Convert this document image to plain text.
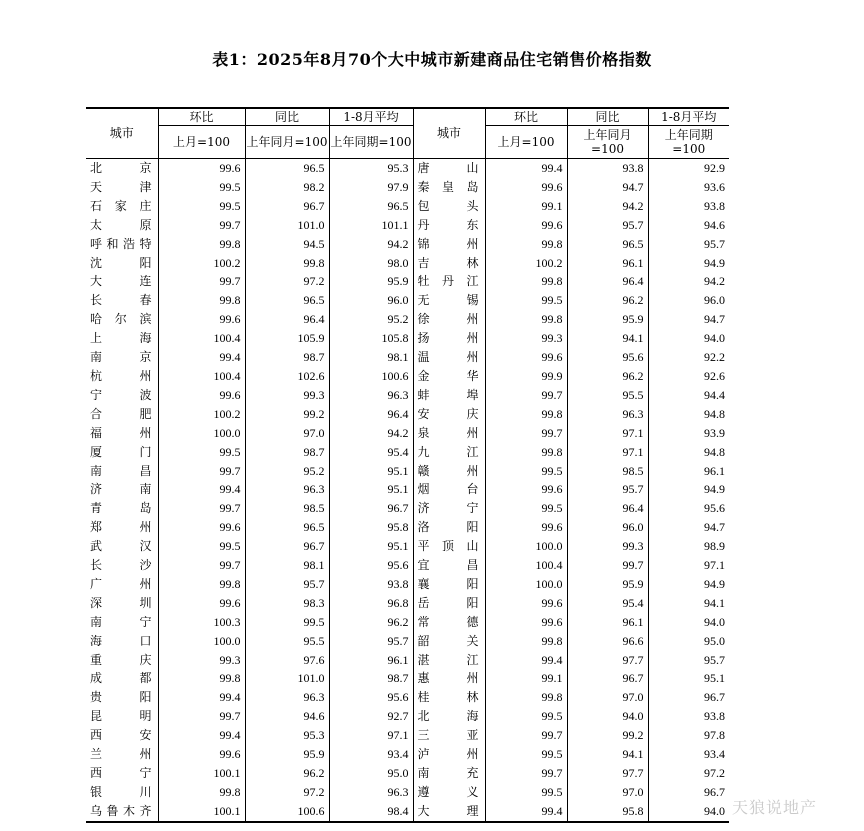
表1：2025年8月70个大中城市新建商品住宅销售价格指数
城市	环比	同比	1-8月平均	城市	环比	同比	1-8月平均
	上月=100	上年同月=100	上年同期=100		上月=100	上年同月=100	上年同期=100
北京	99.6	96.5	95.3	唐山	99.4	93.8	92.9
天津	99.5	98.2	97.9	秦皇岛	99.6	94.7	93.6
石家庄	99.5	96.7	96.5	包头	99.1	94.2	93.8
太原	99.7	101.0	101.1	丹东	99.6	95.7	94.6
呼和浩特	99.8	94.5	94.2	锦州	99.8	96.5	95.7
沈阳	100.2	99.8	98.0	吉林	100.2	96.1	94.9
大连	99.7	97.2	95.9	牡丹江	99.8	96.4	94.2
长春	99.8	96.5	96.0	无锡	99.5	96.2	96.0
哈尔滨	99.6	96.4	95.2	徐州	99.8	95.9	94.7
上海	100.4	105.9	105.8	扬州	99.3	94.1	94.0
南京	99.4	98.7	98.1	温州	99.6	95.6	92.2
杭州	100.4	102.6	100.6	金华	99.9	96.2	92.6
宁波	99.6	99.3	96.3	蚌埠	99.7	95.5	94.4
合肥	100.2	99.2	96.4	安庆	99.8	96.3	94.8
福州	100.0	97.0	94.2	泉州	99.7	97.1	93.9
厦门	99.5	98.7	95.4	九江	99.8	97.1	94.8
南昌	99.7	95.2	95.1	赣州	99.5	98.5	96.1
济南	99.4	96.3	95.1	烟台	99.6	95.7	94.9
青岛	99.7	98.5	96.7	济宁	99.5	96.4	95.6
郑州	99.6	96.5	95.8	洛阳	99.6	96.0	94.7
武汉	99.5	96.7	95.1	平顶山	100.0	99.3	98.9
长沙	99.7	98.1	95.6	宜昌	100.4	99.7	97.1
广州	99.8	95.7	93.8	襄阳	100.0	95.9	94.9
深圳	99.6	98.3	96.8	岳阳	99.6	95.4	94.1
南宁	100.3	99.5	96.2	常德	99.6	96.1	94.0
海口	100.0	95.5	95.7	韶关	99.8	96.6	95.0
重庆	99.3	97.6	96.1	湛江	99.4	97.7	95.7
成都	99.8	101.0	98.7	惠州	99.1	96.7	95.1
贵阳	99.4	96.3	95.6	桂林	99.8	97.0	96.7
昆明	99.7	94.6	92.7	北海	99.5	94.0	93.8
西安	99.4	95.3	97.1	三亚	99.7	99.2	97.8
兰州	99.6	95.9	93.4	泸州	99.5	94.1	93.4
西宁	100.1	96.2	95.0	南充	99.7	97.7	97.2
银川	99.8	97.2	96.3	遵义	99.5	97.0	96.7
乌鲁木齐	100.1	100.6	98.4	大理	99.4	95.8	94.0 天狼说地产
